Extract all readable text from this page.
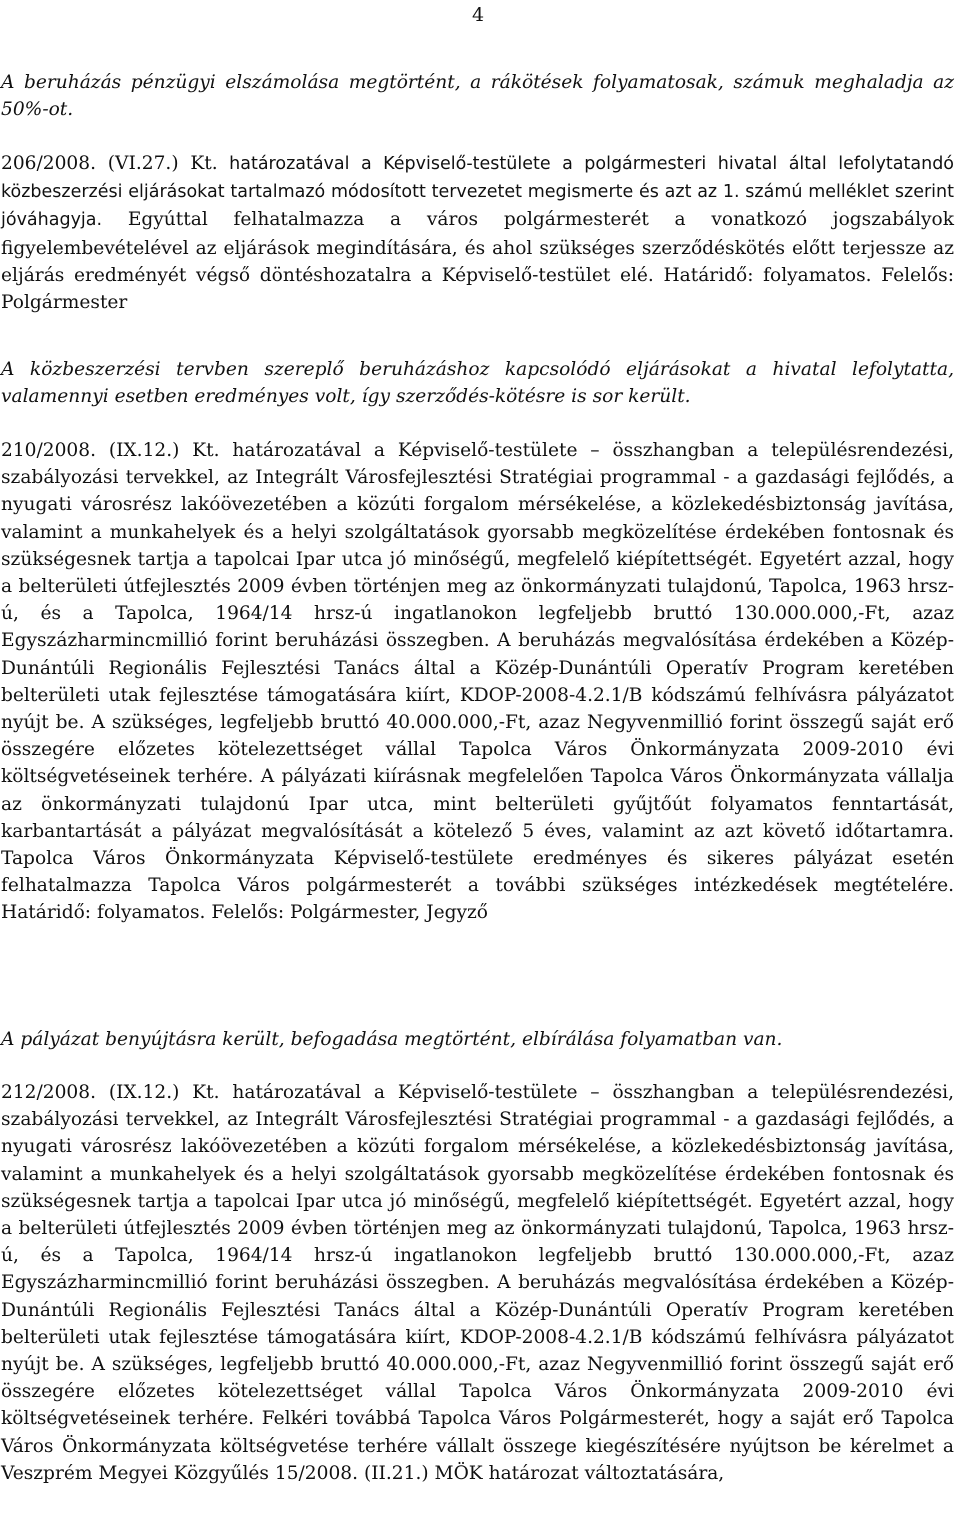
4
A beruházás pénzügyi elszámolása megtörtént, a rákötések folyamatosak, számuk meghaladja az 50%-ot.
206/2008. (VI.27.) Kt. határozatával a Képviselő-testülete a polgármesteri hivatal által lefolytatandó közbeszerzési eljárásokat tartalmazó módosított tervezetet megismerte és azt az 1. számú melléklet szerint jóváhagyja. Egyúttal felhatalmazza a város polgármesterét a vonatkozó jogszabályok figyelembevételével az eljárások megindítására, és ahol szükséges szerződéskötés előtt terjessze az eljárás eredményét végső döntéshozatalra a Képviselő-testület elé. Határidő: folyamatos. Felelős: Polgármester
A közbeszerzési tervben szereplő beruházáshoz kapcsolódó eljárásokat a hivatal lefolytatta, valamennyi esetben eredményes volt, így szerződés-kötésre is sor került.
210/2008. (IX.12.) Kt. határozatával a Képviselő-testülete – összhangban a településrendezési, szabályozási tervekkel, az Integrált Városfejlesztési Stratégiai programmal - a gazdasági fejlődés, a nyugati városrész lakóövezetében a közúti forgalom mérsékelése, a közlekedésbiztonság javítása, valamint a munkahelyek és a helyi szolgáltatások gyorsabb megközelítése érdekében fontosnak és szükségesnek tartja a tapolcai Ipar utca jó minőségű, megfelelő kiépítettségét. Egyetért azzal, hogy a belterületi útfejlesztés 2009 évben történjen meg az önkormányzati tulajdonú, Tapolca, 1963 hrsz-ú, és a Tapolca, 1964/14 hrsz-ú ingatlanokon legfeljebb bruttó 130.000.000,-Ft, azaz Egyszázharmincmillió forint beruházási összegben. A beruházás megvalósítása érdekében a Közép-Dunántúli Regionális Fejlesztési Tanács által a Közép-Dunántúli Operatív Program keretében belterületi utak fejlesztése támogatására kiírt, KDOP-2008-4.2.1/B kódszámú felhívásra pályázatot nyújt be. A szükséges, legfeljebb bruttó 40.000.000,-Ft, azaz Negyvenmillió forint összegű saját erő összegére előzetes kötelezettséget vállal Tapolca Város Önkormányzata 2009-2010 évi költségvetéseinek terhére. A pályázati kiírásnak megfelelően Tapolca Város Önkormányzata vállalja az önkormányzati tulajdonú Ipar utca, mint belterületi gyűjtőút folyamatos fenntartását, karbantartását a pályázat megvalósítását a kötelező 5 éves, valamint az azt követő időtartamra. Tapolca Város Önkormányzata Képviselő-testülete eredményes és sikeres pályázat esetén felhatalmazza Tapolca Város polgármesterét a további szükséges intézkedések megtételére. Határidő: folyamatos. Felelős: Polgármester, Jegyző
A pályázat benyújtásra került, befogadása megtörtént, elbírálása folyamatban van.
212/2008. (IX.12.) Kt. határozatával a Képviselő-testülete – összhangban a településrendezési, szabályozási tervekkel, az Integrált Városfejlesztési Stratégiai programmal - a gazdasági fejlődés, a nyugati városrész lakóövezetében a közúti forgalom mérsékelése, a közlekedésbiztonság javítása, valamint a munkahelyek és a helyi szolgáltatások gyorsabb megközelítése érdekében fontosnak és szükségesnek tartja a tapolcai Ipar utca jó minőségű, megfelelő kiépítettségét. Egyetért azzal, hogy a belterületi útfejlesztés 2009 évben történjen meg az önkormányzati tulajdonú, Tapolca, 1963 hrsz-ú, és a Tapolca, 1964/14 hrsz-ú ingatlanokon legfeljebb bruttó 130.000.000,-Ft, azaz Egyszázharmincmillió forint beruházási összegben. A beruházás megvalósítása érdekében a Közép-Dunántúli Regionális Fejlesztési Tanács által a Közép-Dunántúli Operatív Program keretében belterületi utak fejlesztése támogatására kiírt, KDOP-2008-4.2.1/B kódszámú felhívásra pályázatot nyújt be. A szükséges, legfeljebb bruttó 40.000.000,-Ft, azaz Negyvenmillió forint összegű saját erő összegére előzetes kötelezettséget vállal Tapolca Város Önkormányzata 2009-2010 évi költségvetéseinek terhére. Felkéri továbbá Tapolca Város Polgármesterét, hogy a saját erő Tapolca Város Önkormányzata költségvetése terhére vállalt összege kiegészítésére nyújtson be kérelmet a Veszprém Megyei Közgyűlés 15/2008. (II.21.) MÖK határozat változtatására,
